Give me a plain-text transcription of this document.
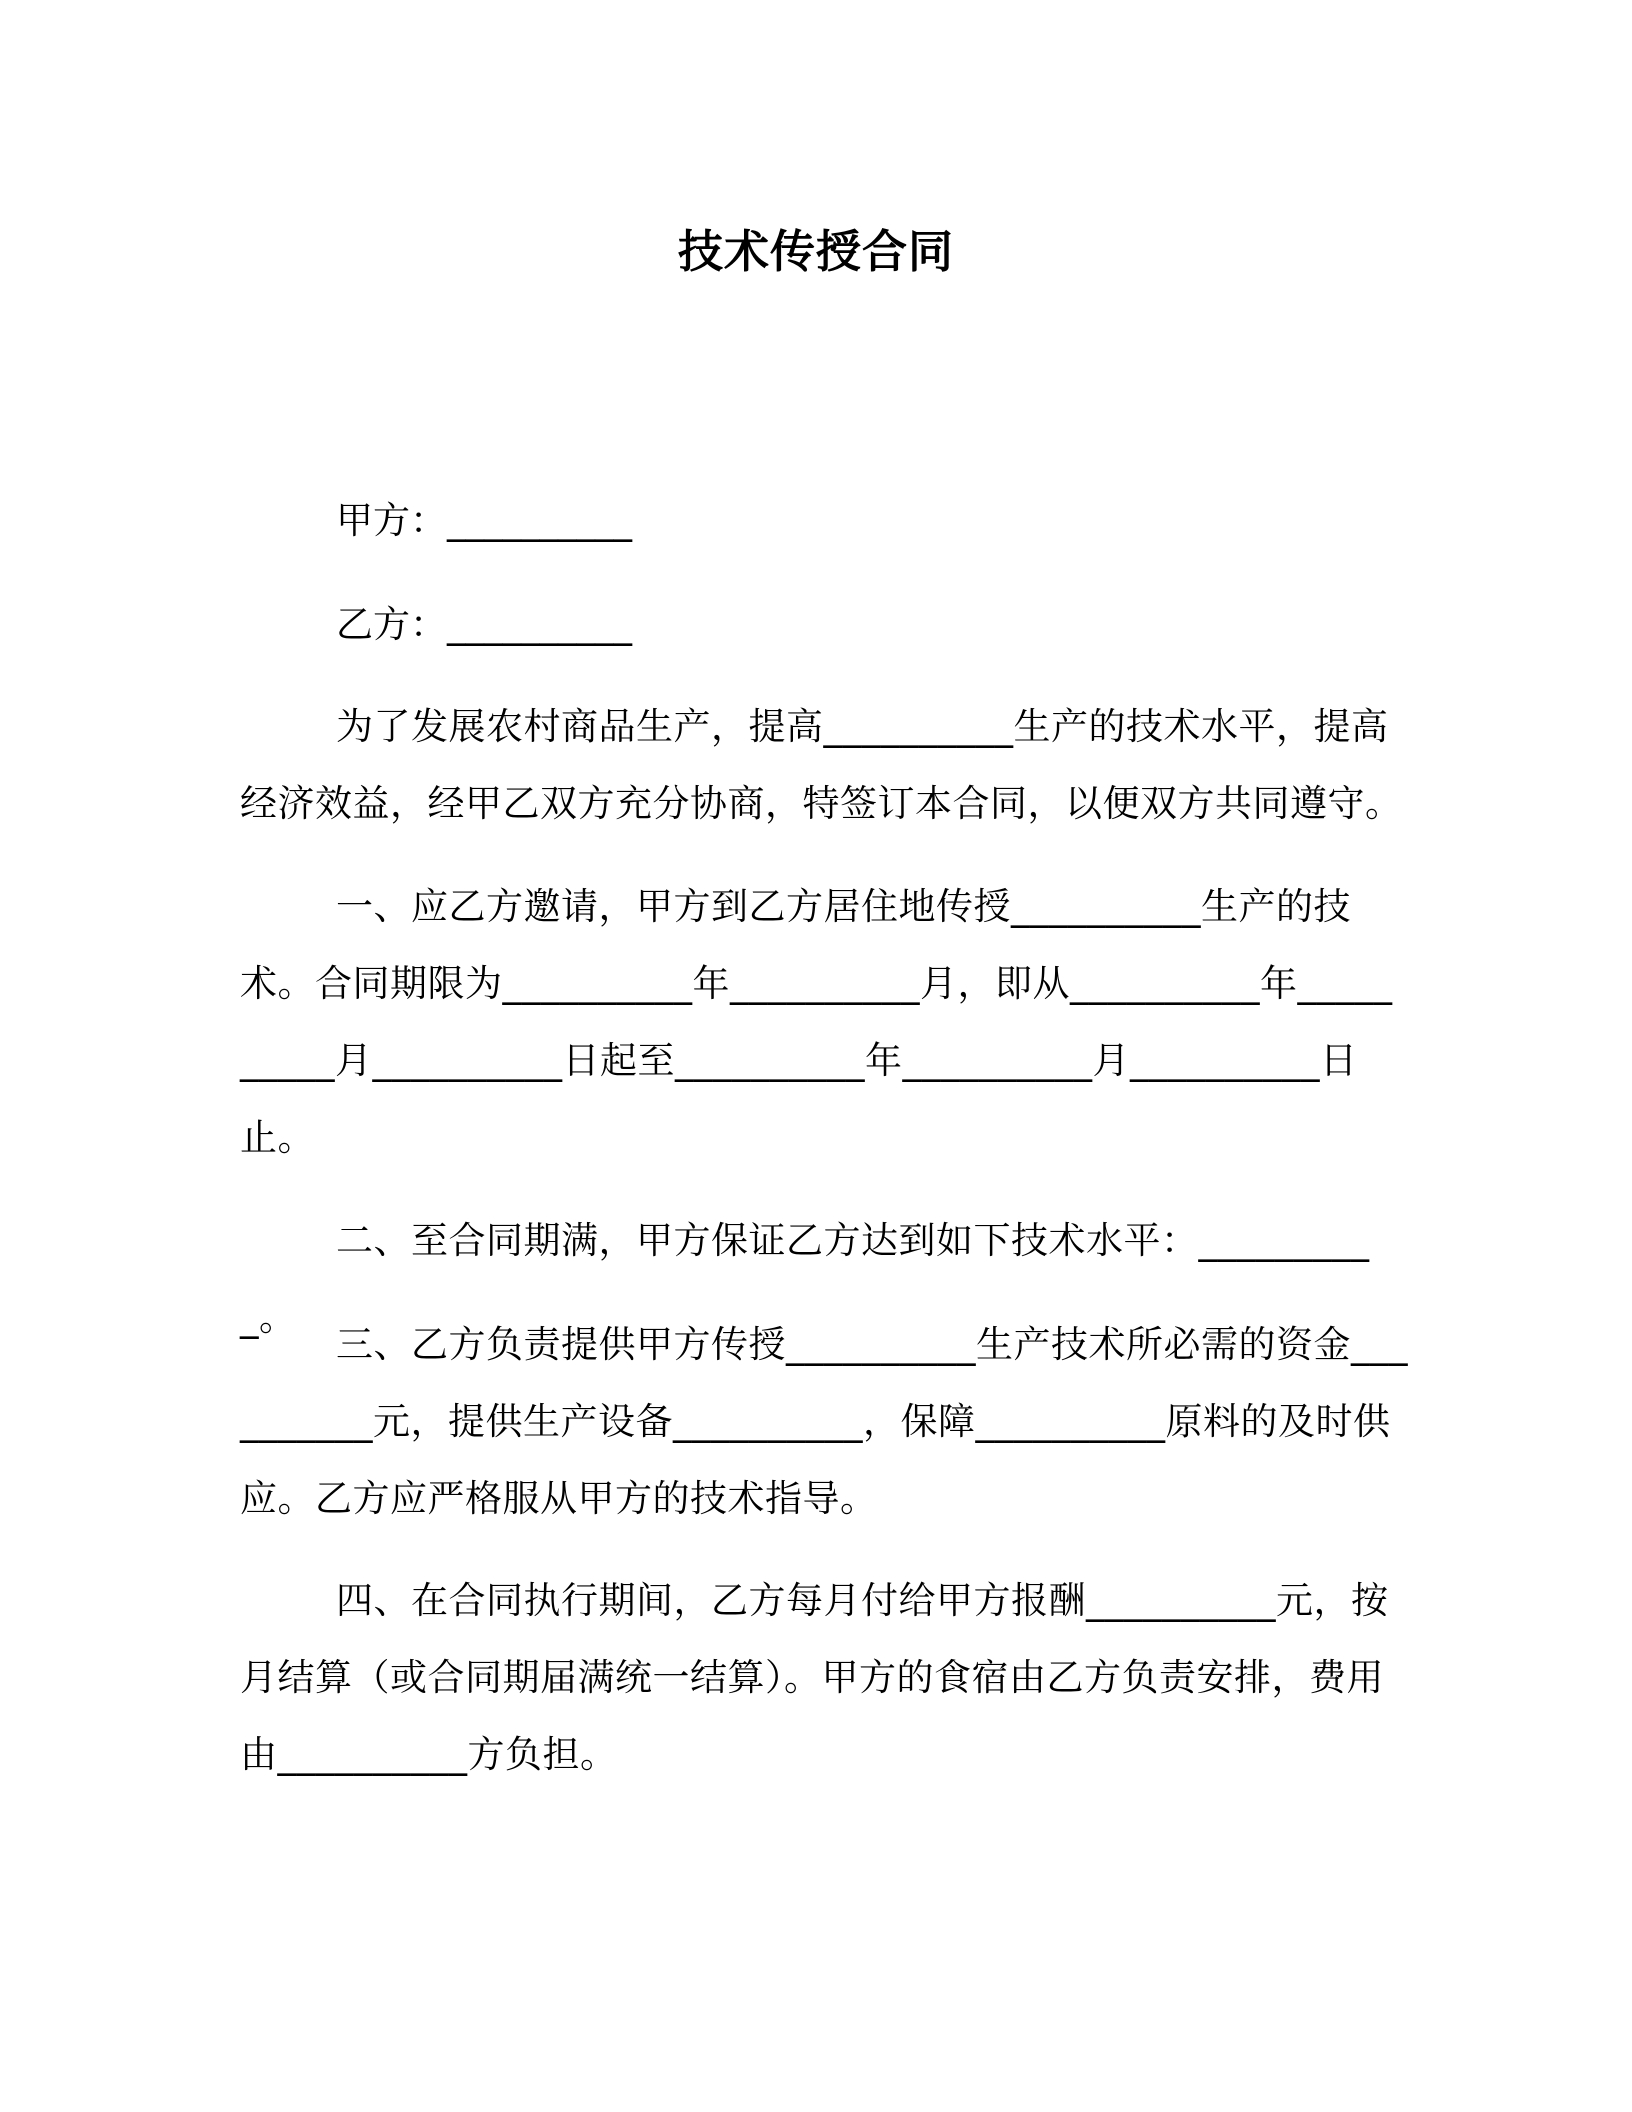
技术传授合同
甲方：__________
乙方：__________

为了发展农村商品生产，提高__________生产的技术水平，提高经济效益，经甲乙双方充分协商，特签订本合同，以便双方共同遵守。

一、应乙方邀请，甲方到乙方居住地传授__________生产的技术。合同期限为__________年__________月，即从__________年__________月__________日起至__________年__________月__________日止。

二、至合同期满，甲方保证乙方达到如下技术水平：__________。

三、乙方负责提供甲方传授__________生产技术所必需的资金__________元，提供生产设备__________，保障__________原料的及时供应。乙方应严格服从甲方的技术指导。

四、在合同执行期间，乙方每月付给甲方报酬__________元，按月结算（或合同期届满统一结算）。甲方的食宿由乙方负责安排，费用由__________方负担。
